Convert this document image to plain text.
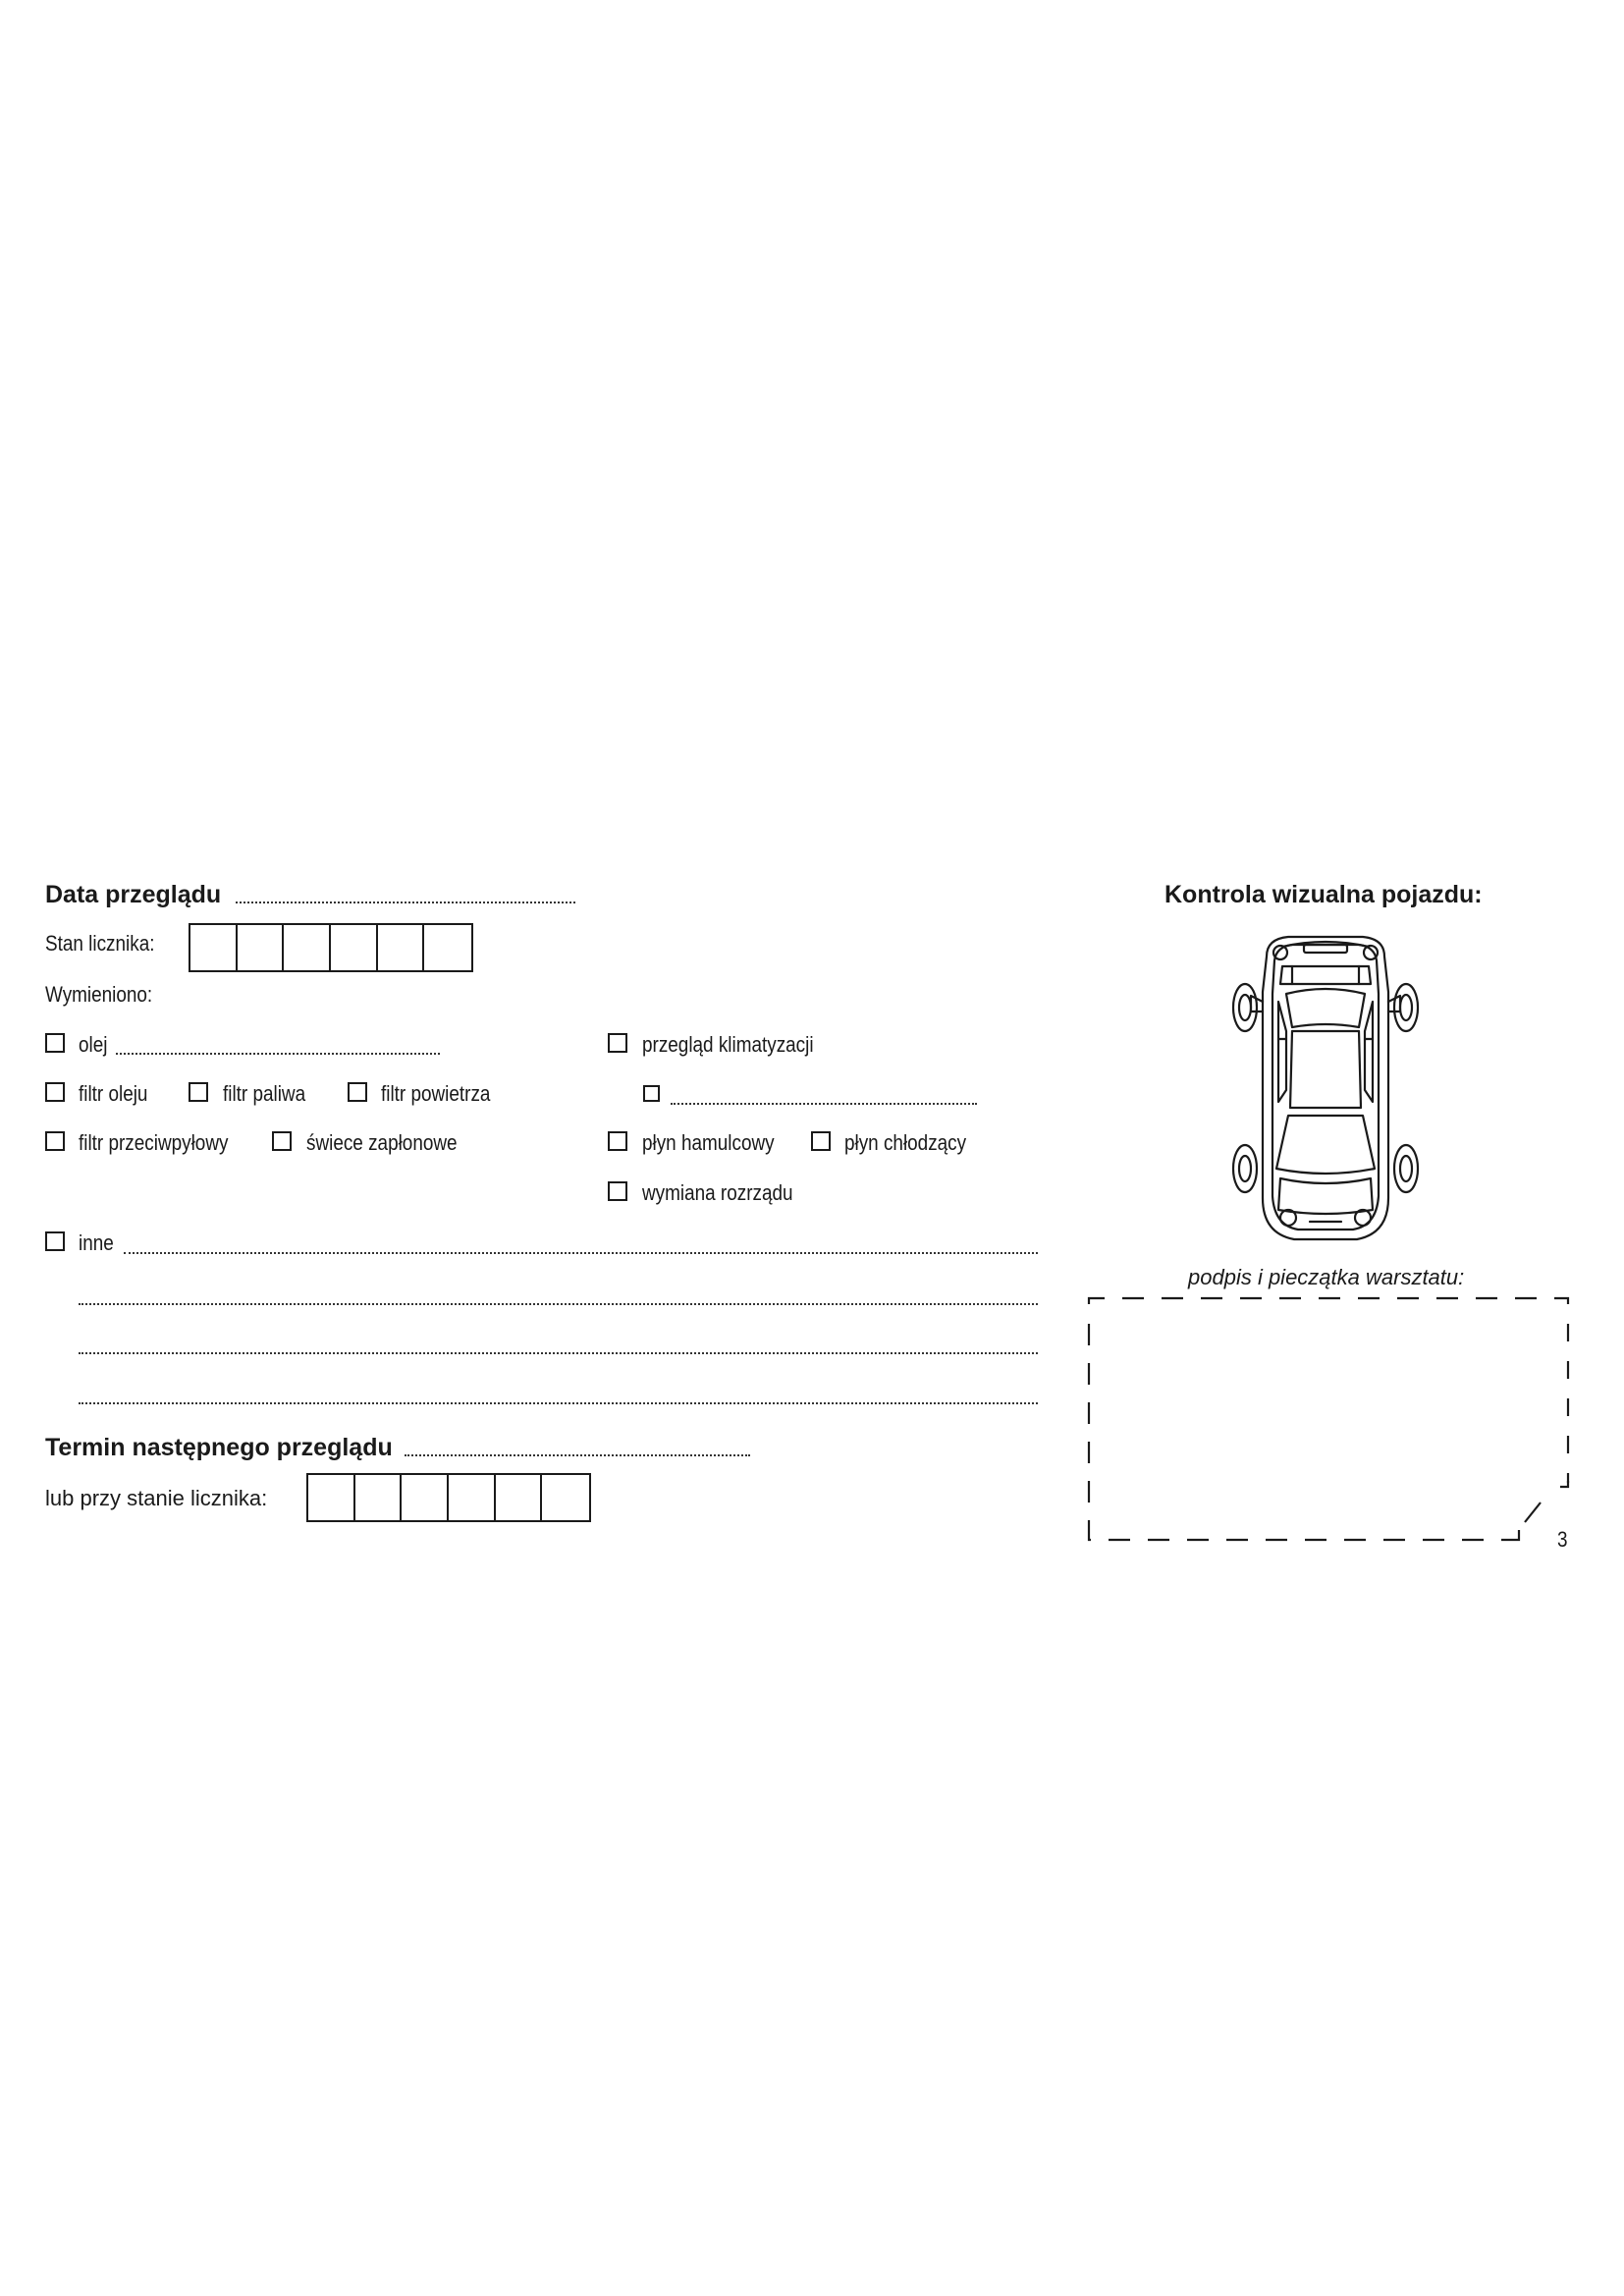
Data przeglądu
Stan licznika:
Wymieniono:
olej	przegląd klimatyzacji
filtr oleju	filtr paliwa	filtr powietrza
filtr przeciwpyłowy	świece zapłonowe	płyn hamulcowy	płyn chłodzący
wymiana rozrządu
inne
Termin następnego przeglądu
lub przy stanie licznika:
Kontrola wizualna pojazdu:
podpis i pieczątka warsztatu:
3
